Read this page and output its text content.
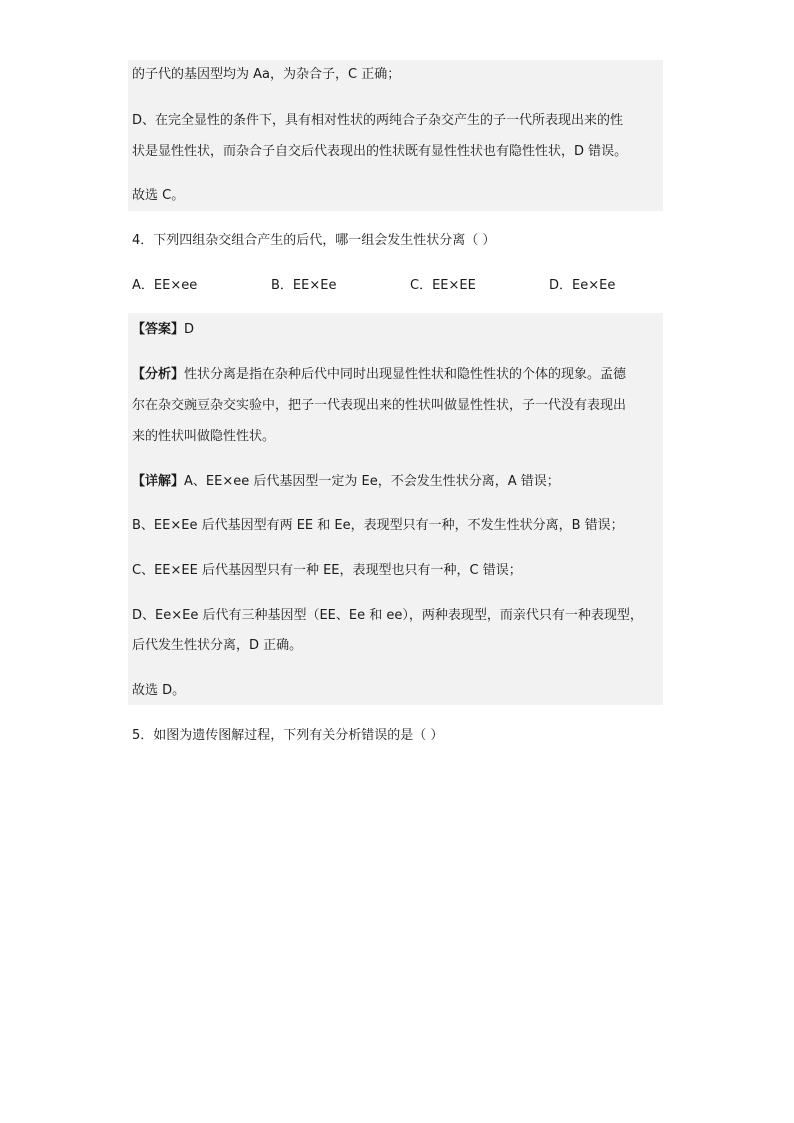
的子代的基因型均为 Aa，为杂合子，C 正确；
D、在完全显性的条件下，具有相对性状的两纯合子杂交产生的子一代所表现出来的性
状是显性性状，而杂合子自交后代表现出的性状既有显性性状也有隐性性状，D 错误。
故选 C。
4．下列四组杂交组合产生的后代，哪一组会发生性状分离（ ）
A．EE×ee	B．EE×Ee	C．EE×EE	D．Ee×Ee
【答案】D
【分析】性状分离是指在杂种后代中同时出现显性性状和隐性性状的个体的现象。孟德
尔在杂交豌豆杂交实验中，把子一代表现出来的性状叫做显性性状，子一代没有表现出
来的性状叫做隐性性状。
【详解】A、EE×ee 后代基因型一定为 Ee，不会发生性状分离，A 错误；
B、EE×Ee 后代基因型有两 EE 和 Ee，表现型只有一种，不发生性状分离，B 错误；
C、EE×EE 后代基因型只有一种 EE，表现型也只有一种，C 错误；
D、Ee×Ee 后代有三种基因型（EE、Ee 和 ee），两种表现型，而亲代只有一种表现型，
后代发生性状分离，D 正确。
故选 D。
5．如图为遗传图解过程，下列有关分析错误的是（ ）
